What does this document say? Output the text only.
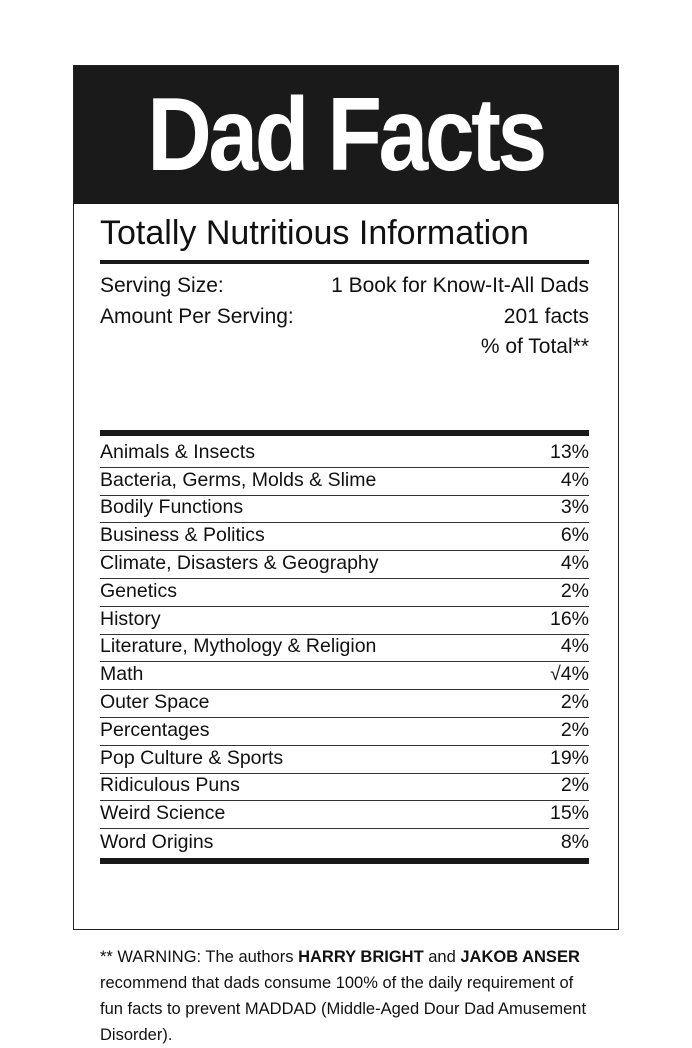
Dad Facts
Totally Nutritious Information
Serving Size:	1 Book for Know-It-All Dads
Amount Per Serving:	201 facts
% of Total**
Animals & Insects	13%
Bacteria, Germs, Molds & Slime	4%
Bodily Functions	3%
Business & Politics	6%
Climate, Disasters & Geography	4%
Genetics	2%
History	16%
Literature, Mythology & Religion	4%
Math	√4%
Outer Space	2%
Percentages	2%
Pop Culture & Sports	19%
Ridiculous Puns	2%
Weird Science	15%
Word Origins	8%
** WARNING: The authors HARRY BRIGHT and JAKOB ANSER recommend that dads consume 100% of the daily requirement of fun facts to prevent MADDAD (Middle-Aged Dour Dad Amusement Disorder).
